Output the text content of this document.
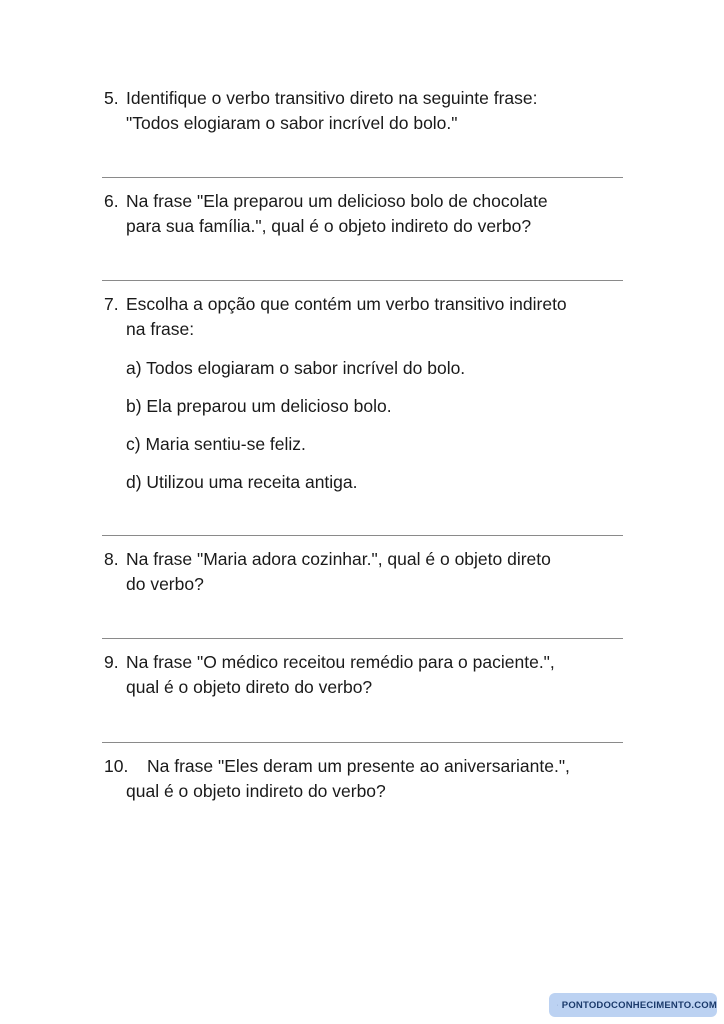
5. Identifique o verbo transitivo direto na seguinte frase:
"Todos elogiaram o sabor incrível do bolo."
6. Na frase "Ela preparou um delicioso bolo de chocolate
para sua família.", qual é o objeto indireto do verbo?
7. Escolha a opção que contém um verbo transitivo indireto
na frase:
a) Todos elogiaram o sabor incrível do bolo.
b) Ela preparou um delicioso bolo.
c) Maria sentiu-se feliz.
d) Utilizou uma receita antiga.
8. Na frase "Maria adora cozinhar.", qual é o objeto direto
do verbo?
9. Na frase "O médico receitou remédio para o paciente.",
qual é o objeto direto do verbo?
10.	Na frase "Eles deram um presente ao aniversariante.",
qual é o objeto indireto do verbo?
PONTODOCONHECIMENTO.COM
